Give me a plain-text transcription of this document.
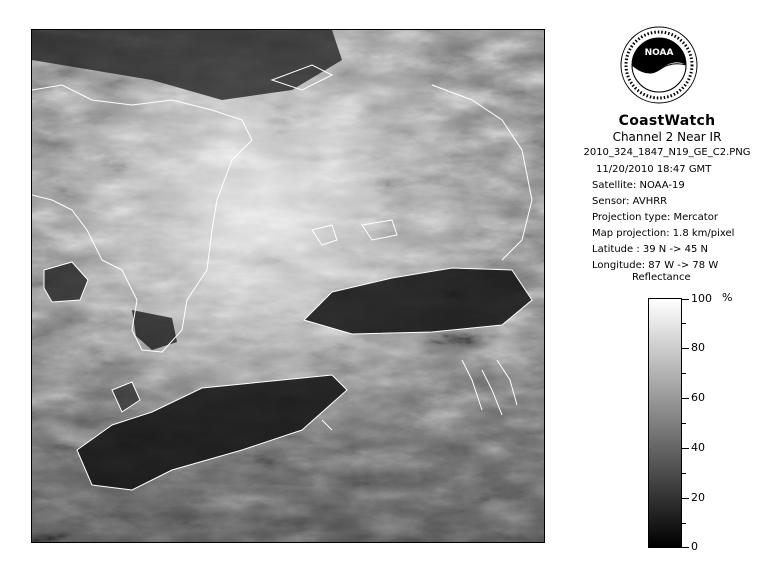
NOAA
CoastWatch
Channel 2 Near IR
2010_324_1847_N19_GE_C2.PNG
11/20/2010 18:47 GMT
Satellite: NOAA-19
Sensor: AVHRR
Projection type: Mercator
Map projection: 1.8 km/pixel
Latitude : 39 N -> 45 N
Longitude: 87 W -> 78 W
Reflectance
%
100
80
60
40
20
0
